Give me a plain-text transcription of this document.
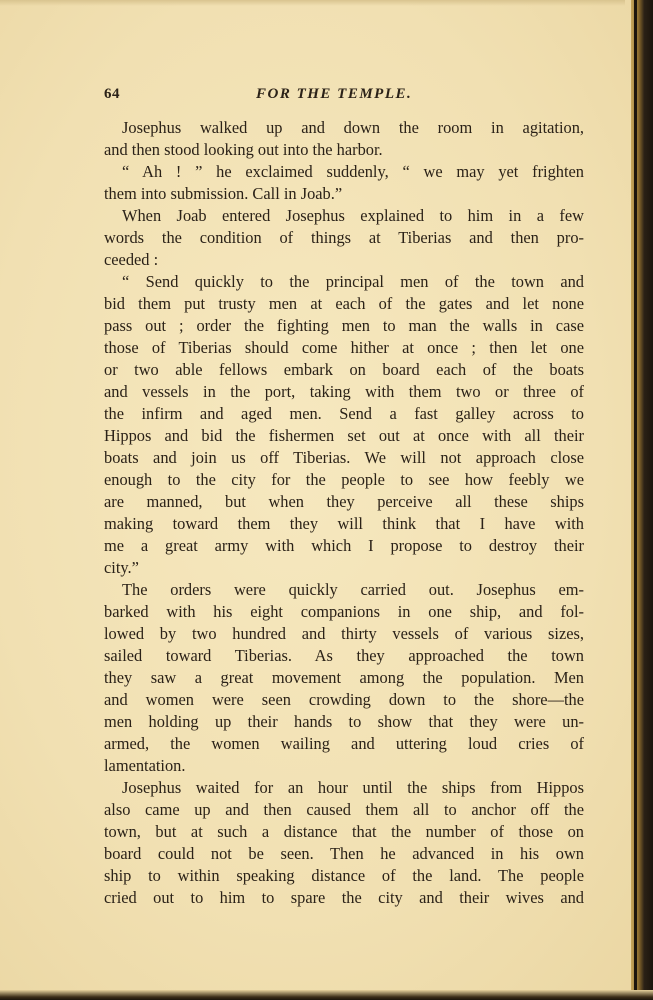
64	FOR THE TEMPLE.
Josephus walked up and down the room in agitation,
and then stood looking out into the harbor.
“ Ah ! ” he exclaimed suddenly, “ we may yet frighten
them into submission. Call in Joab.”
When Joab entered Josephus explained to him in a few
words the condition of things at Tiberias and then pro-
ceeded :
“ Send quickly to the principal men of the town and
bid them put trusty men at each of the gates and let none
pass out ; order the fighting men to man the walls in case
those of Tiberias should come hither at once ; then let one
or two able fellows embark on board each of the boats
and vessels in the port, taking with them two or three of
the infirm and aged men. Send a fast galley across to
Hippos and bid the fishermen set out at once with all their
boats and join us off Tiberias. We will not approach close
enough to the city for the people to see how feebly we
are manned, but when they perceive all these ships
making toward them they will think that I have with
me a great army with which I propose to destroy their
city.”
The orders were quickly carried out. Josephus em-
barked with his eight companions in one ship, and fol-
lowed by two hundred and thirty vessels of various sizes,
sailed toward Tiberias. As they approached the town
they saw a great movement among the population. Men
and women were seen crowding down to the shore—the
men holding up their hands to show that they were un-
armed, the women wailing and uttering loud cries of
lamentation.
Josephus waited for an hour until the ships from Hippos
also came up and then caused them all to anchor off the
town, but at such a distance that the number of those on
board could not be seen. Then he advanced in his own
ship to within speaking distance of the land. The people
cried out to him to spare the city and their wives and
